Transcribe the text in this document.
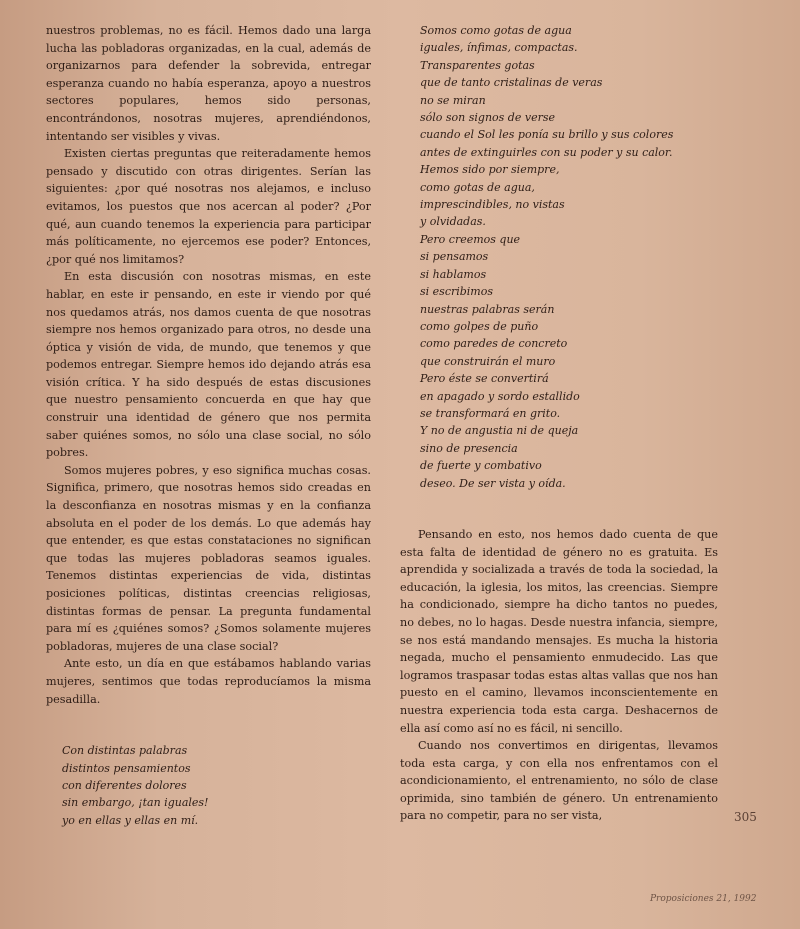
nuestros problemas, no es fácil. Hemos dado una larga lucha las pobladoras organizadas, en la cual, además de organizarnos para defender la sobrevida, entregar esperanza cuando no había esperanza, apoyo a nuestros sectores populares, hemos sido personas, encontrándonos, nosotras mujeres, aprendiéndonos, intentando ser visibles y vivas.

Existen ciertas preguntas que reiteradamente hemos pensado y discutido con otras dirigentes. Serían las siguientes: ¿por qué nosotras nos alejamos, e incluso evitamos, los puestos que nos acercan al poder? ¿Por qué, aun cuando tenemos la experiencia para participar más políticamente, no ejercemos ese poder? Entonces, ¿por qué nos limitamos?

En esta discusión con nosotras mismas, en este hablar, en este ir pensando, en este ir viendo por qué nos quedamos atrás, nos damos cuenta de que nosotras siempre nos hemos organizado para otros, no desde una óptica y visión de vida, de mundo, que tenemos y que podemos entregar. Siempre hemos ido dejando atrás esa visión crítica. Y ha sido después de estas discusiones que nuestro pensamiento concuerda en que hay que construir una identidad de género que nos permita saber quiénes somos, no sólo una clase social, no sólo pobres.

Somos mujeres pobres, y eso significa muchas cosas. Significa, primero, que nosotras hemos sido creadas en la desconfianza en nosotras mismas y en la confianza absoluta en el poder de los demás. Lo que además hay que entender, es que estas constataciones no significan que todas las mujeres pobladoras seamos iguales. Tenemos distintas experiencias de vida, distintas posiciones políticas, distintas creencias religiosas, distintas formas de pensar. La pregunta fundamental para mí es ¿quiénes somos? ¿Somos solamente mujeres pobladoras, mujeres de una clase social?

Ante esto, un día en que estábamos hablando varias mujeres, sentimos que todas reproducíamos la misma pesadilla.

Con distintas palabras
distintos pensamientos
con diferentes dolores
sin embargo, ¡tan iguales!
yo en ellas y ellas en mí.
Somos como gotas de agua
iguales, ínfimas, compactas.
Transparentes gotas
que de tanto cristalinas de veras
no se miran
sólo son signos de verse
cuando el Sol les ponía su brillo y sus colores
antes de extinguirles con su poder y su calor.
Hemos sido por siempre,
como gotas de agua,
imprescindibles, no vistas
y olvidadas.
Pero creemos que
si pensamos
si hablamos
si escribimos
nuestras palabras serán
como golpes de puño
como paredes de concreto
que construirán el muro
Pero éste se convertirá
en apagado y sordo estallido
se transformará en grito.
Y no de angustia ni de queja
sino de presencia
de fuerte y combativo
deseo. De ser vista y oída.

Pensando en esto, nos hemos dado cuenta de que esta falta de identidad de género no es gratuita. Es aprendida y socializada a través de toda la sociedad, la educación, la iglesia, los mitos, las creencias. Siempre ha condicionado, siempre ha dicho tantos no puedes, no debes, no lo hagas. Desde nuestra infancia, siempre, se nos está mandando mensajes. Es mucha la historia negada, mucho el pensamiento enmudecido. Las que logramos traspasar todas estas altas vallas que nos han puesto en el camino, llevamos inconscientemente en nuestra experiencia toda esta carga. Deshacernos de ella así como así no es fácil, ni sencillo.

Cuando nos convertimos en dirigentas, llevamos toda esta carga, y con ella nos enfrentamos con el acondicionamiento, el entrenamiento, no sólo de clase oprimida, sino también de género. Un entrenamiento para no competir, para no ser vista,	305
Proposiciones 21, 1992
